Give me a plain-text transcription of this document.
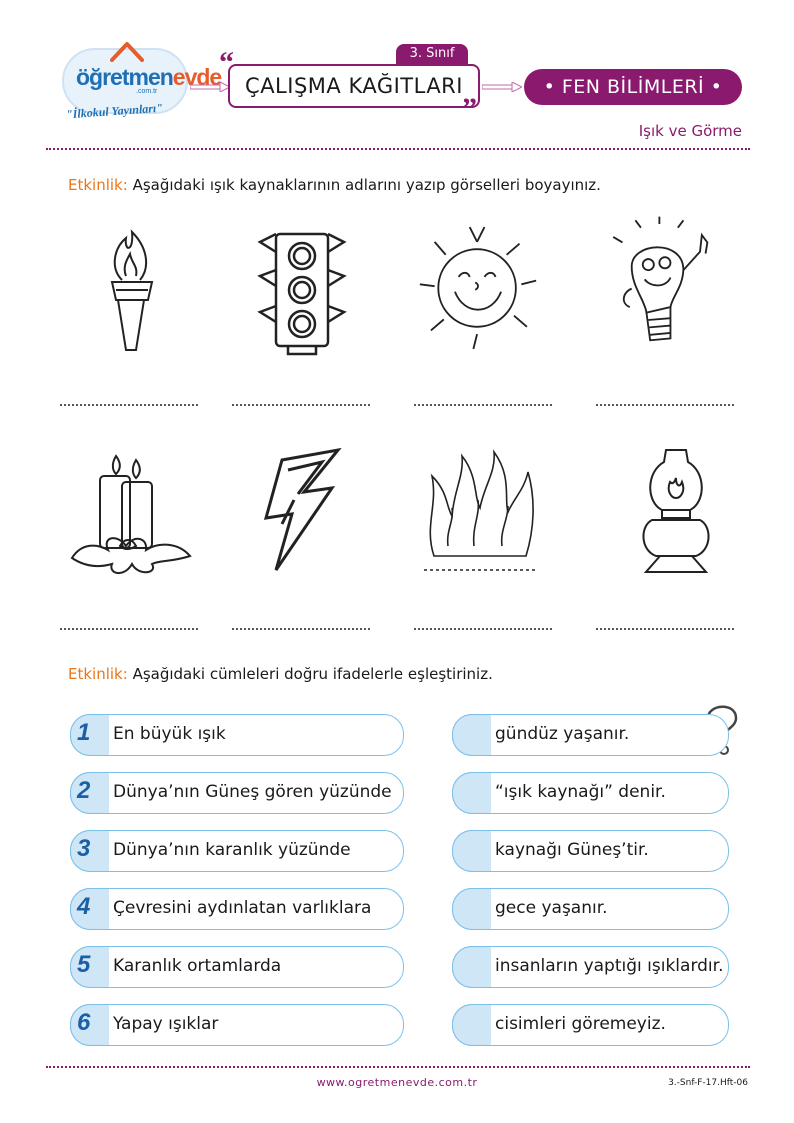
öğretmenevde
.com.tr
"İlkokul Yayınları"
3. Sınıf
ÇALIŞMA KAĞITLARI
“
”
• FEN BİLİMLERİ •
Işık ve Görme
Etkinlik: Aşağıdaki ışık kaynaklarının adlarını yazıp görselleri boyayınız.
Etkinlik: Aşağıdaki cümleleri doğru ifadelerle eşleştiriniz.
1 En büyük ışık
2 Dünya’nın Güneş gören yüzünde
3 Dünya’nın karanlık yüzünde
4 Çevresini aydınlatan varlıklara
5 Karanlık ortamlarda
6 Yapay ışıklar
gündüz yaşanır.
“ışık kaynağı” denir.
kaynağı Güneş’tir.
gece yaşanır.
insanların yaptığı ışıklardır.
cisimleri göremeyiz.
www.ogretmenevde.com.tr	3.-Snf-F-17.Hft-06
